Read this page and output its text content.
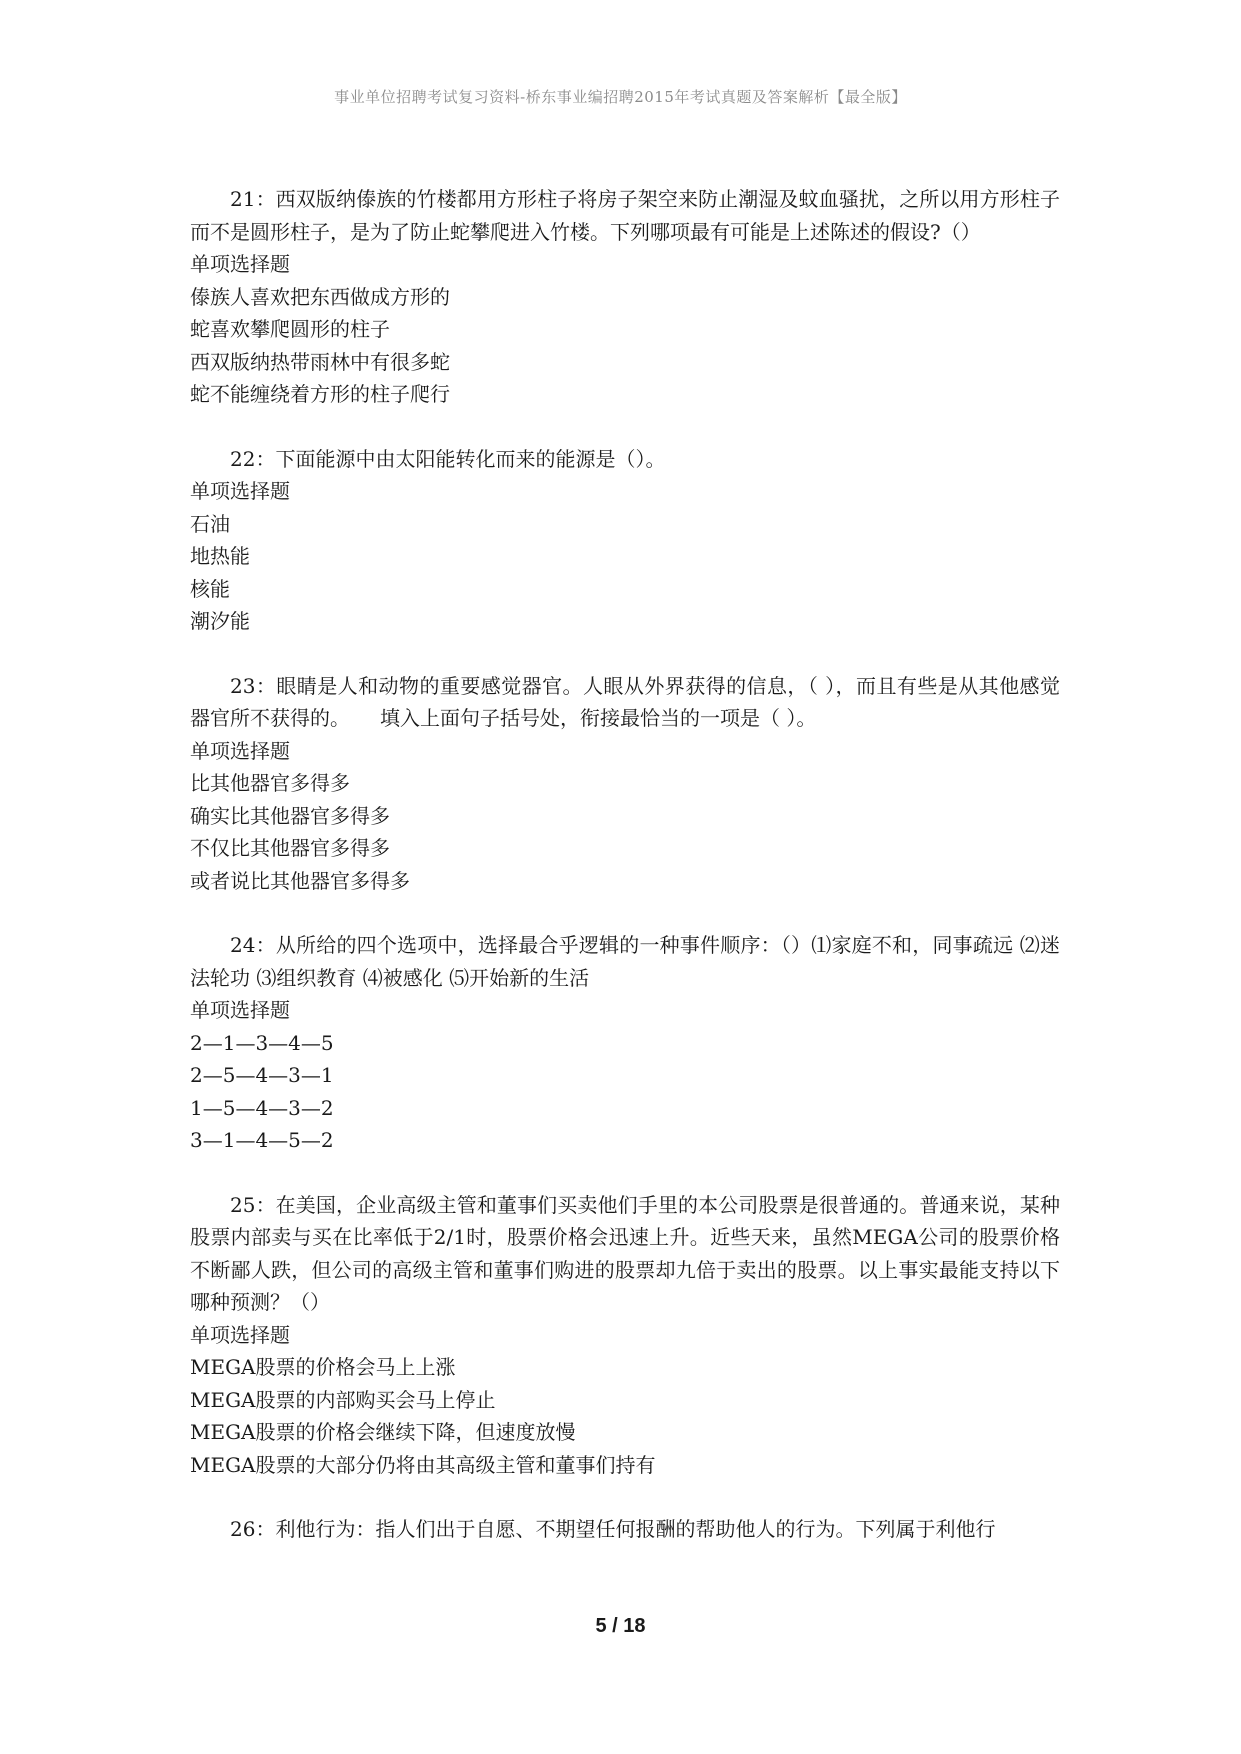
事业单位招聘考试复习资料-桥东事业编招聘2015年考试真题及答案解析【最全版】
21：西双版纳傣族的竹楼都用方形柱子将房子架空来防止潮湿及蚊血骚扰，之所以用方形柱子而不是圆形柱子，是为了防止蛇攀爬进入竹楼。下列哪项最有可能是上述陈述的假设?（）
单项选择题
傣族人喜欢把东西做成方形的
蛇喜欢攀爬圆形的柱子
西双版纳热带雨林中有很多蛇
蛇不能缠绕着方形的柱子爬行
22：下面能源中由太阳能转化而来的能源是（）。
单项选择题
石油
地热能
核能
潮汐能
23：眼睛是人和动物的重要感觉器官。人眼从外界获得的信息，（ ），而且有些是从其他感觉器官所不获得的。　　填入上面句子括号处，衔接最恰当的一项是（ ）。
单项选择题
比其他器官多得多
确实比其他器官多得多
不仅比其他器官多得多
或者说比其他器官多得多
24：从所给的四个选项中，选择最合乎逻辑的一种事件顺序：（）⑴家庭不和，同事疏远 ⑵迷法轮功 ⑶组织教育 ⑷被感化 ⑸开始新的生活
单项选择题
2—1—3—4—5
2—5—4—3—1
1—5—4—3—2
3—1—4—5—2
25：在美国，企业高级主管和董事们买卖他们手里的本公司股票是很普通的。普通来说，某种股票内部卖与买在比率低于2/1时，股票价格会迅速上升。近些天来，虽然MEGA公司的股票价格不断鄙人跌，但公司的高级主管和董事们购进的股票却九倍于卖出的股票。以上事实最能支持以下哪种预测？（）
单项选择题
MEGA股票的价格会马上上涨
MEGA股票的内部购买会马上停止
MEGA股票的价格会继续下降，但速度放慢
MEGA股票的大部分仍将由其高级主管和董事们持有
26：利他行为：指人们出于自愿、不期望任何报酬的帮助他人的行为。下列属于利他行
5 / 18
